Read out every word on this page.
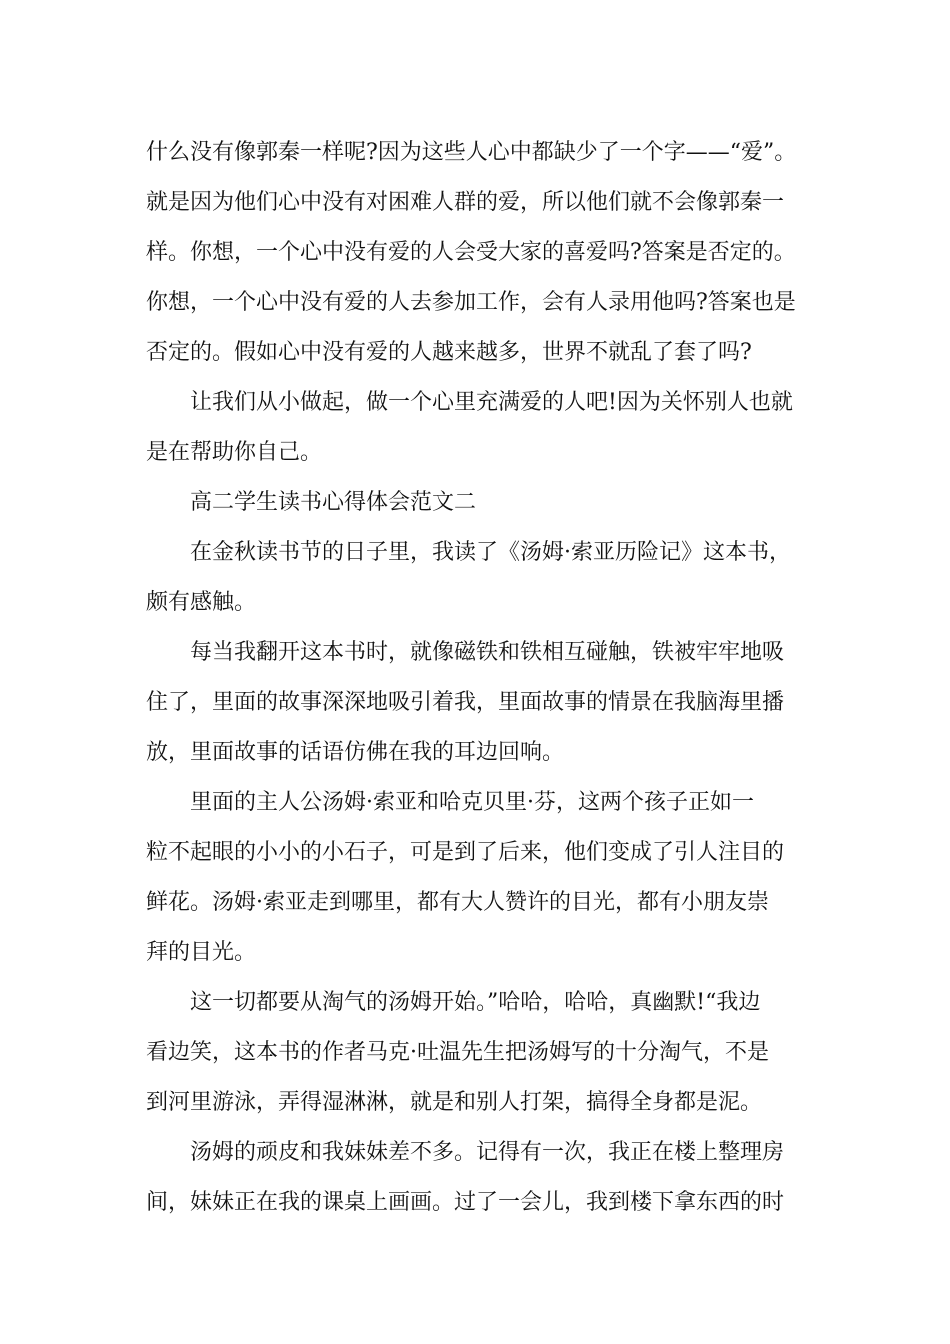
什么没有像郭秦一样呢?因为这些人心中都缺少了一个字——“爱”。
就是因为他们心中没有对困难人群的爱，所以他们就不会像郭秦一
样。你想，一个心中没有爱的人会受大家的喜爱吗?答案是否定的。
你想，一个心中没有爱的人去参加工作，会有人录用他吗?答案也是
否定的。假如心中没有爱的人越来越多，世界不就乱了套了吗?
让我们从小做起，做一个心里充满爱的人吧!因为关怀别人也就
是在帮助你自己。
高二学生读书心得体会范文二
在金秋读书节的日子里，我读了《汤姆·索亚历险记》这本书，
颇有感触。
每当我翻开这本书时，就像磁铁和铁相互碰触，铁被牢牢地吸
住了，里面的故事深深地吸引着我，里面故事的情景在我脑海里播
放，里面故事的话语仿佛在我的耳边回响。
里面的主人公汤姆·索亚和哈克贝里·芬，这两个孩子正如一
粒不起眼的小小的小石子，可是到了后来，他们变成了引人注目的
鲜花。汤姆·索亚走到哪里，都有大人赞许的目光，都有小朋友崇
拜的目光。
这一切都要从淘气的汤姆开始。”哈哈，哈哈，真幽默!“我边
看边笑，这本书的作者马克·吐温先生把汤姆写的十分淘气，不是
到河里游泳，弄得湿淋淋，就是和别人打架，搞得全身都是泥。
汤姆的顽皮和我妹妹差不多。记得有一次，我正在楼上整理房
间，妹妹正在我的课桌上画画。过了一会儿，我到楼下拿东西的时
